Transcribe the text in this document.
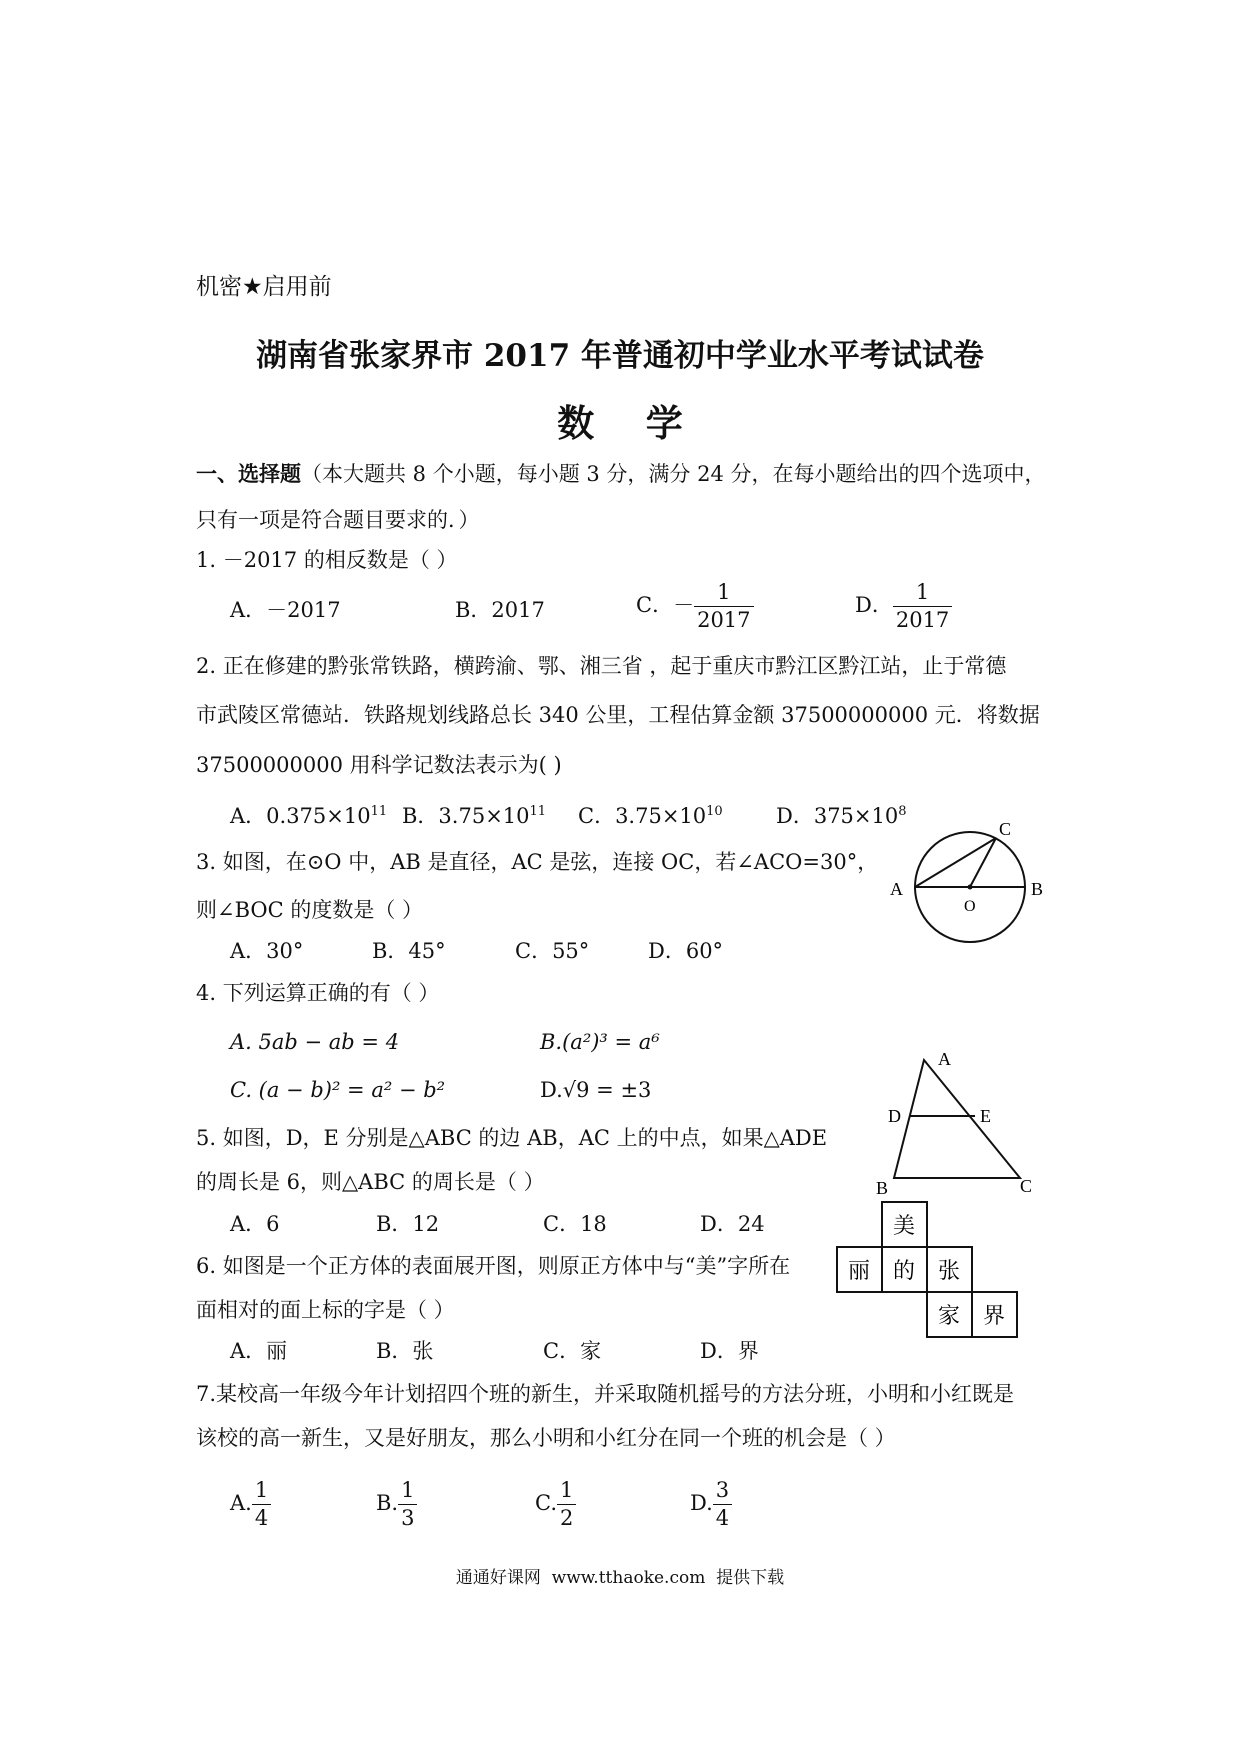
机密★启用前
湖南省张家界市 2017 年普通初中学业水平考试试卷
数    学
一、选择题（本大题共 8 个小题，每小题 3 分，满分 24 分，在每小题给出的四个选项中，
只有一项是符合题目要求的．）
1. －2017 的相反数是（ ）
A．－2017	B．2017	C．－ $\frac{1}{2017}$	D． $\frac{1}{2017}$
2. 正在修建的黔张常铁路，横跨渝、鄂、湘三省 ，起于重庆市黔江区黔江站，止于常德
市武陵区常德站．铁路规划线路总长 340 公里，工程估算金额 37500000000 元．将数据
37500000000 用科学记数法表示为( )
A．$0.375\times 10^{11}$ B．$3.75\times 10^{11}$ C．$3.75\times 10^{10}$	D．$375\times 10^8$
3. 如图，在⊙O 中，AB 是直径，AC 是弦，连接 OC，若∠ACO=30°，
则∠BOC 的度数是（ ）
A．30°	B．45°	C．55°	D．60°
A	B
C
O
4. 下列运算正确的有（ ）
A. 5ab − ab = 4	B.(a²)³ = a⁶
C. (a − b)² = a² − b²	D.√9 = ±3
5. 如图，D，E 分别是△ABC 的边 AB，AC 上的中点，如果△ADE
的周长是 6，则△ABC 的周长是（ ）
A．6	B．12	C．18	D．24
A
D	E
B	C
6. 如图是一个正方体的表面展开图，则原正方体中与“美”字所在
面相对的面上标的字是（ ）
A．丽	B．张	C．家	D．界
美
丽 的 张
家 界
7.某校高一年级今年计划招四个班的新生，并采取随机摇号的方法分班，小明和小红既是
该校的高一新生，又是好朋友，那么小明和小红分在同一个班的机会是（ ）
A. $\frac{1}{4}$	B. $\frac{1}{3}$	C. $\frac{1}{2}$	D. $\frac{3}{4}$
通通好课网  www.tthaoke.com  提供下载
